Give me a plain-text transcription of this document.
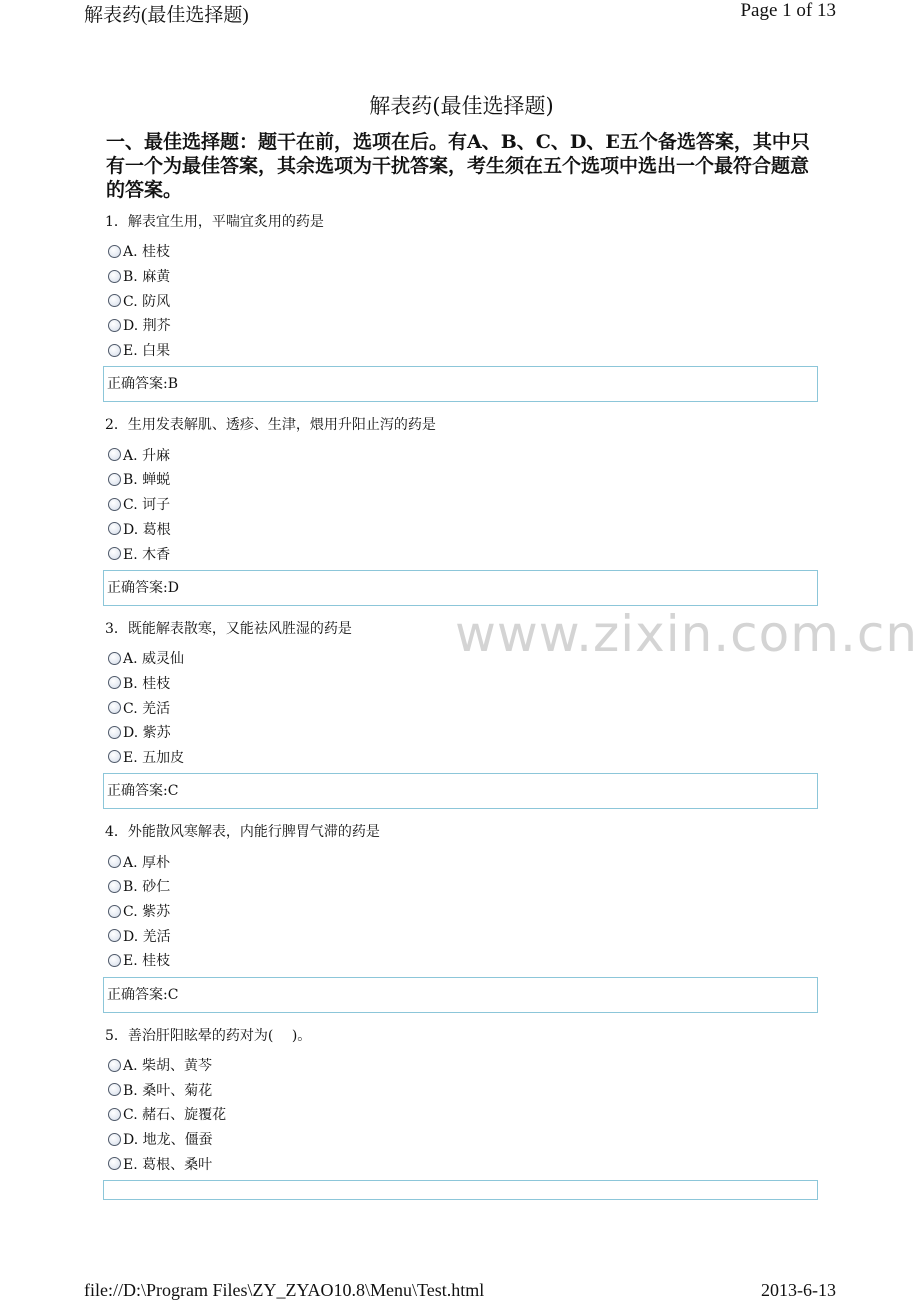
解表药(最佳选择题)	Page 1 of 13
www.zixin.com.cn
解表药(最佳选择题)
一、最佳选择题：题干在前，选项在后。有A、B、C、D、E五个备选答案，其中只有一个为最佳答案，其余选项为干扰答案，考生须在五个选项中选出一个最符合题意的答案。
1．解表宜生用，平喘宜炙用的药是
A. 桂枝
B. 麻黄
C. 防风
D. 荆芥
E. 白果
正确答案:B
2．生用发表解肌、透疹、生津，煨用升阳止泻的药是
A. 升麻
B. 蝉蜕
C. 诃子
D. 葛根
E. 木香
正确答案:D
3．既能解表散寒，又能祛风胜湿的药是
A. 威灵仙
B. 桂枝
C. 羌活
D. 紫苏
E. 五加皮
正确答案:C
4．外能散风寒解表，内能行脾胃气滞的药是
A. 厚朴
B. 砂仁
C. 紫苏
D. 羌活
E. 桂枝
正确答案:C
5．善治肝阳眩晕的药对为(　 )。
A. 柴胡、黄芩
B. 桑叶、菊花
C. 赭石、旋覆花
D. 地龙、僵蚕
E. 葛根、桑叶
file://D:\Program Files\ZY_ZYAO10.8\Menu\Test.html	2013-6-13
